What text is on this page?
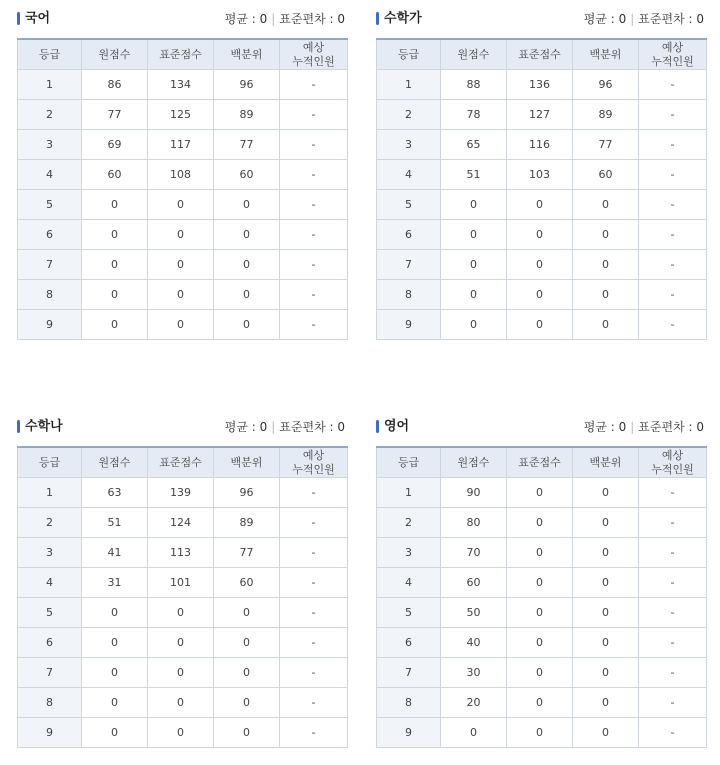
국어	평균 : 0 | 표준편차 : 0
등급	원점수	표준점수	백분위	예상
누적인원
1	86	134	96	-
2	77	125	89	-
3	69	117	77	-
4	60	108	60	-
5	0	0	0	-
6	0	0	0	-
7	0	0	0	-
8	0	0	0	-
9	0	0	0	-
수학가	평균 : 0 | 표준편차 : 0
등급	원점수	표준점수	백분위	예상
누적인원
1	88	136	96	-
2	78	127	89	-
3	65	116	77	-
4	51	103	60	-
5	0	0	0	-
6	0	0	0	-
7	0	0	0	-
8	0	0	0	-
9	0	0	0	-
수학나	평균 : 0 | 표준편차 : 0
등급	원점수	표준점수	백분위	예상
누적인원
1	63	139	96	-
2	51	124	89	-
3	41	113	77	-
4	31	101	60	-
5	0	0	0	-
6	0	0	0	-
7	0	0	0	-
8	0	0	0	-
9	0	0	0	-
영어	평균 : 0 | 표준편차 : 0
등급	원점수	표준점수	백분위	예상
누적인원
1	90	0	0	-
2	80	0	0	-
3	70	0	0	-
4	60	0	0	-
5	50	0	0	-
6	40	0	0	-
7	30	0	0	-
8	20	0	0	-
9	0	0	0	-
